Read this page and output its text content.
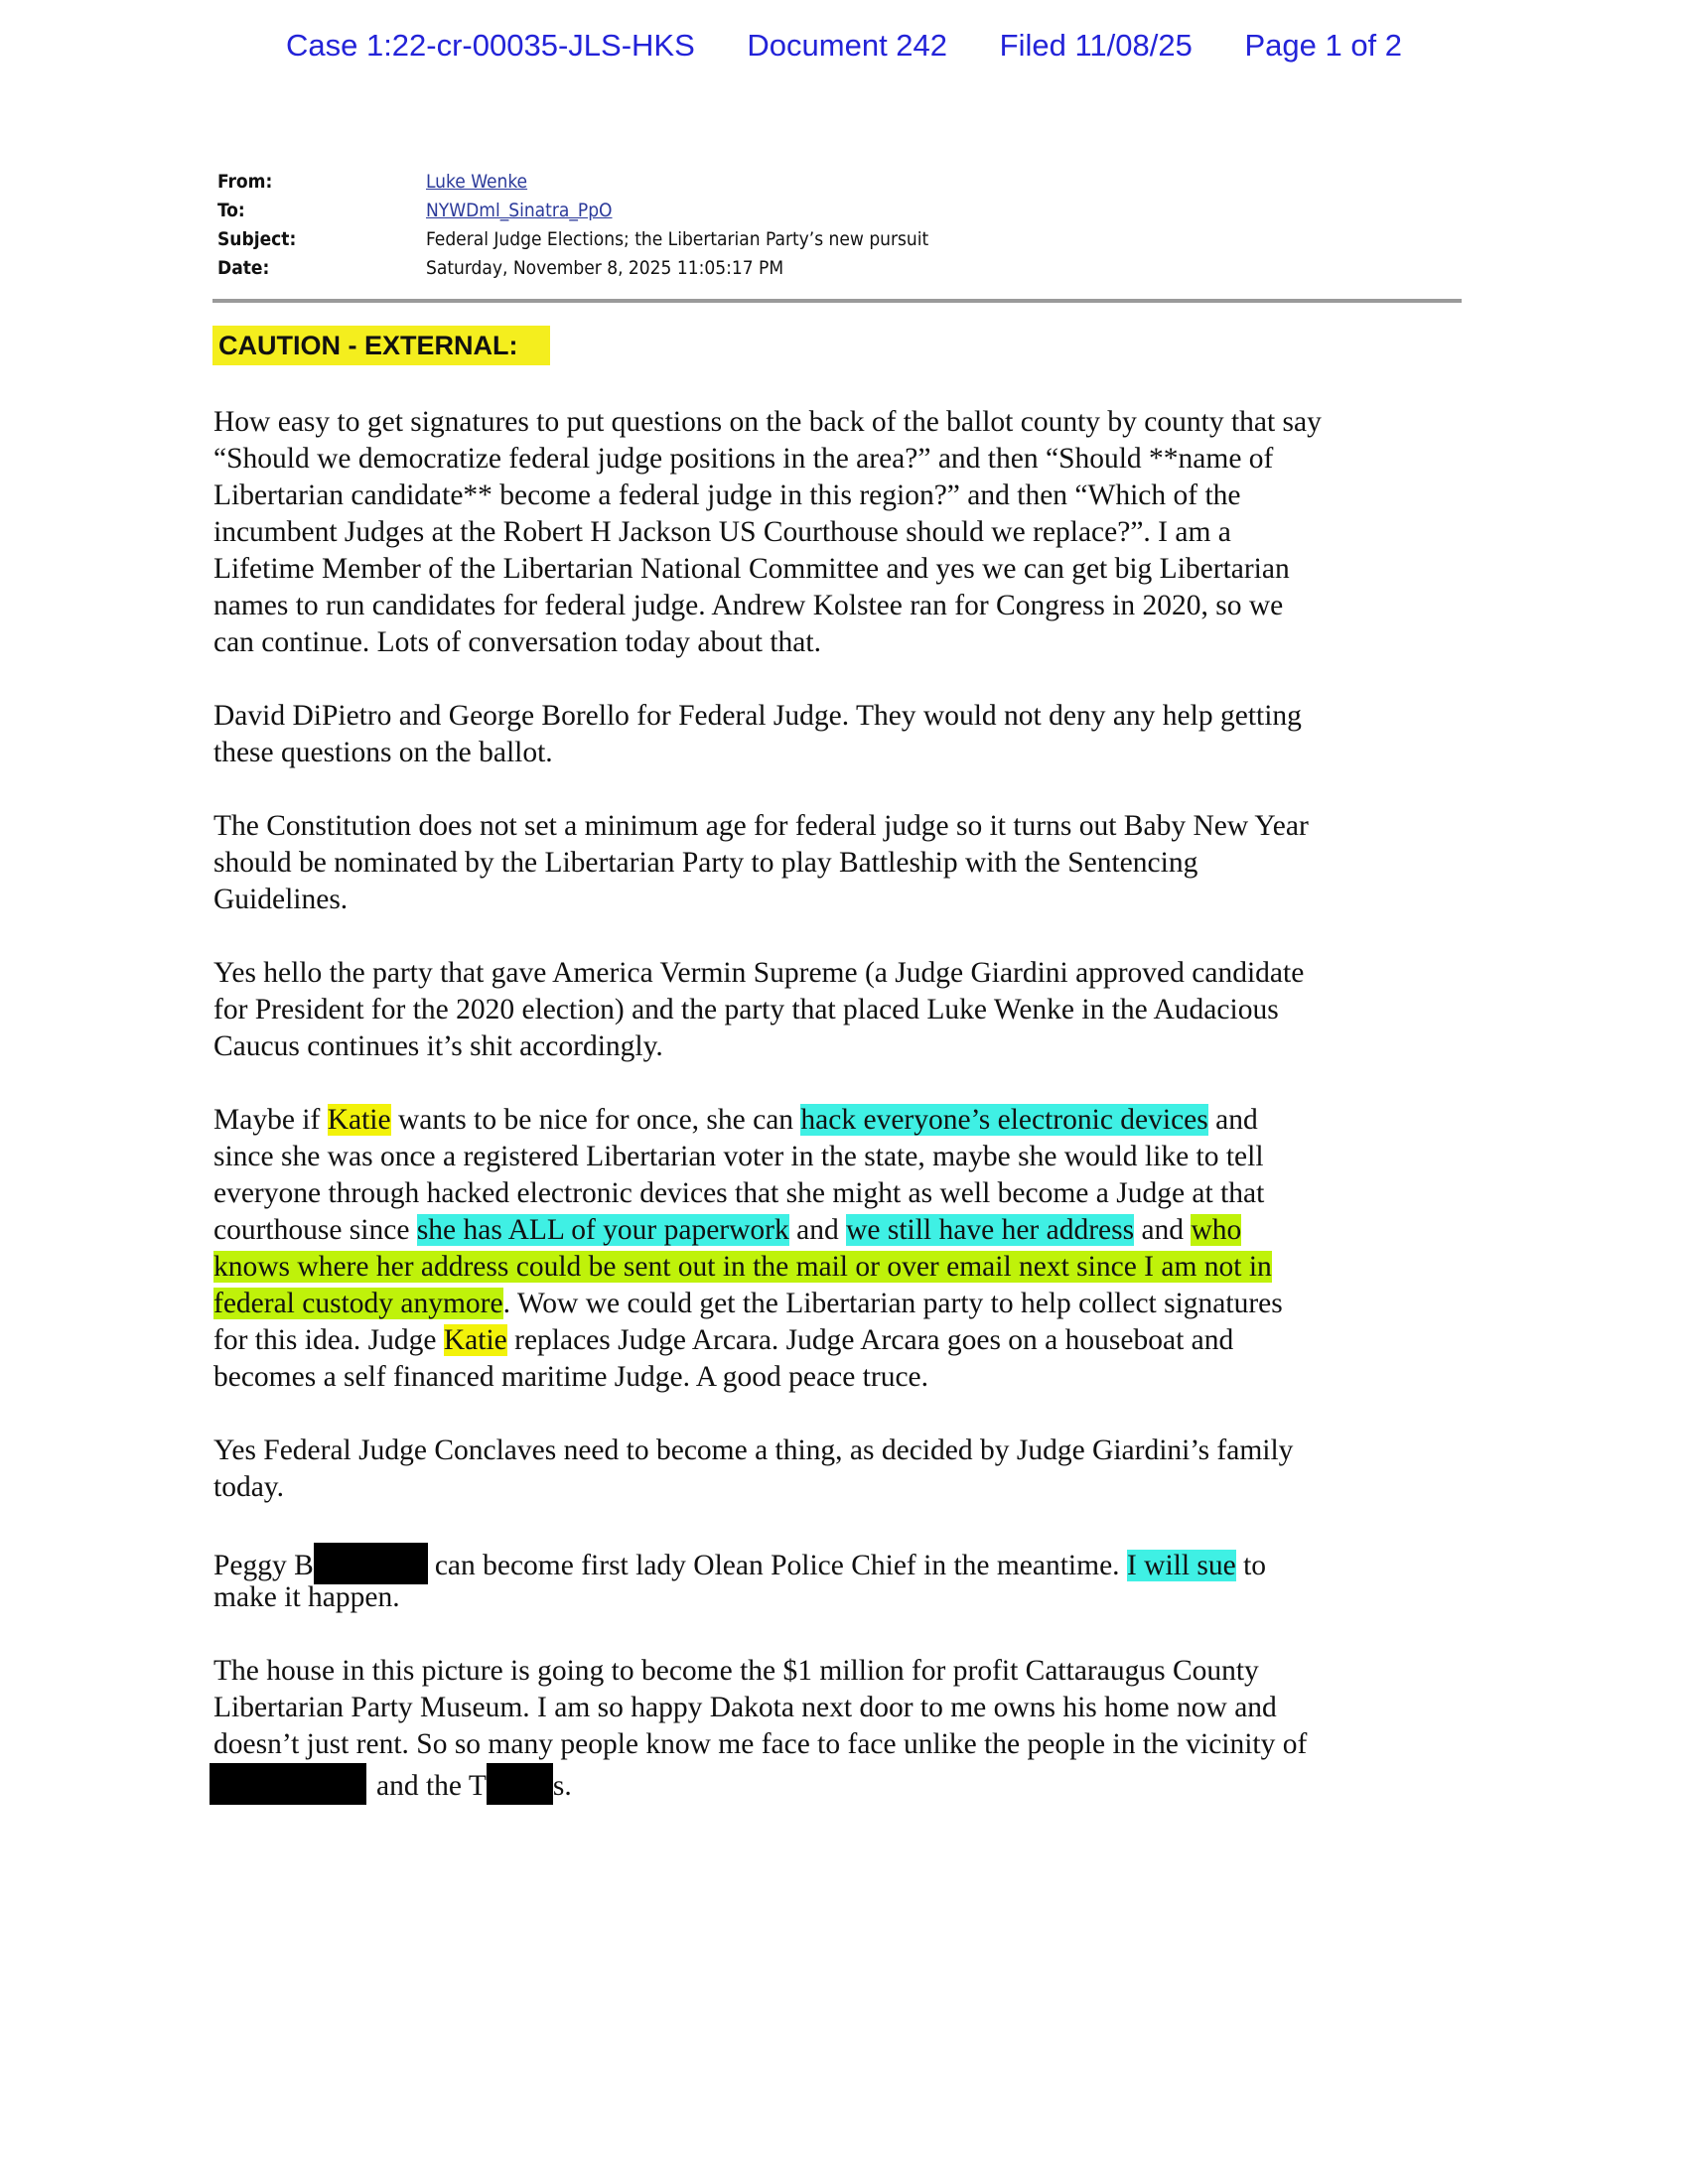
Case 1:22-cr-00035-JLS-HKS Document 242 Filed 11/08/25 Page 1 of 2
From:	Luke Wenke
To:	NYWDml_Sinatra_PpO
Subject:	Federal Judge Elections; the Libertarian Party’s new pursuit
Date:	Saturday, November 8, 2025 11:05:17 PM
CAUTION - EXTERNAL:
How easy to get signatures to put questions on the back of the ballot county by county that say
“Should we democratize federal judge positions in the area?” and then “Should **name of
Libertarian candidate** become a federal judge in this region?” and then “Which of the
incumbent Judges at the Robert H Jackson US Courthouse should we replace?”. I am a
Lifetime Member of the Libertarian National Committee and yes we can get big Libertarian
names to run candidates for federal judge. Andrew Kolstee ran for Congress in 2020, so we
can continue. Lots of conversation today about that.
David DiPietro and George Borello for Federal Judge. They would not deny any help getting
these questions on the ballot.
The Constitution does not set a minimum age for federal judge so it turns out Baby New Year
should be nominated by the Libertarian Party to play Battleship with the Sentencing
Guidelines.
Yes hello the party that gave America Vermin Supreme (a Judge Giardini approved candidate
for President for the 2020 election) and the party that placed Luke Wenke in the Audacious
Caucus continues it’s shit accordingly.
Maybe if Katie wants to be nice for once, she can hack everyone’s electronic devices and
since she was once a registered Libertarian voter in the state, maybe she would like to tell
everyone through hacked electronic devices that she might as well become a Judge at that
courthouse since she has ALL of your paperwork and we still have her address and who
knows where her address could be sent out in the mail or over email next since I am not in
federal custody anymore. Wow we could get the Libertarian party to help collect signatures
for this idea. Judge Katie replaces Judge Arcara. Judge Arcara goes on a houseboat and
becomes a self financed maritime Judge. A good peace truce.
Yes Federal Judge Conclaves need to become a thing, as decided by Judge Giardini’s family
today.
Peggy B	can become first lady Olean Police Chief in the meantime. I will sue to
make it happen.
The house in this picture is going to become the $1 million for profit Cattaraugus County
Libertarian Party Museum. I am so happy Dakota next door to me owns his home now and
doesn’t just rent. So so many people know me face to face unlike the people in the vicinity of
and the T s.
